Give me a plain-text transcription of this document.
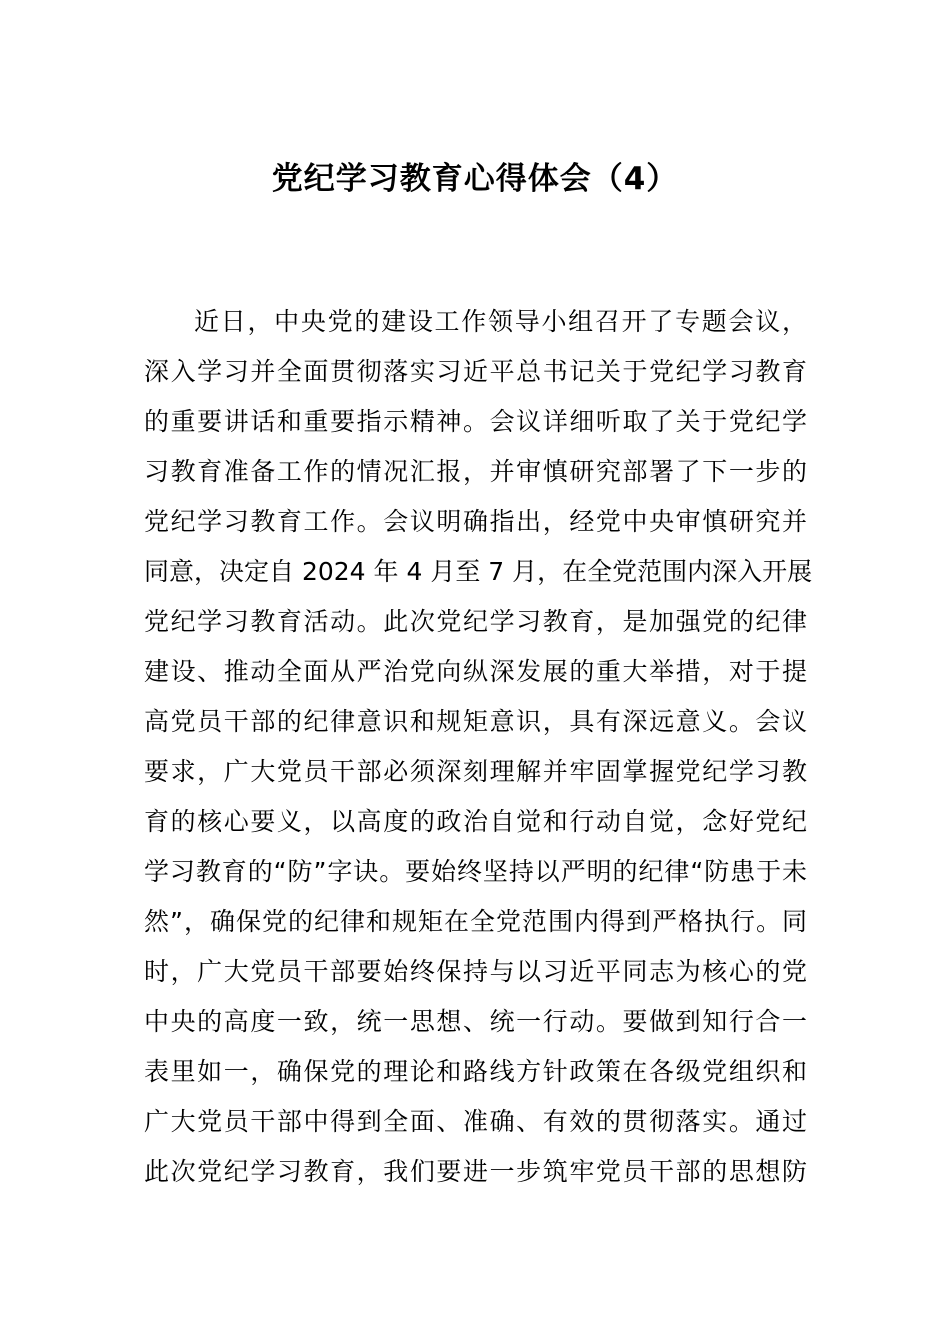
党纪学习教育心得体会（4）
近日，中央党的建设工作领导小组召开了专题会议，
深入学习并全面贯彻落实习近平总书记关于党纪学习教育
的重要讲话和重要指示精神。会议详细听取了关于党纪学
习教育准备工作的情况汇报，并审慎研究部署了下一步的
党纪学习教育工作。会议明确指出，经党中央审慎研究并
同意，决定自 2024 年 4 月至 7 月，在全党范围内深入开展
党纪学习教育活动。此次党纪学习教育，是加强党的纪律
建设、推动全面从严治党向纵深发展的重大举措，对于提
高党员干部的纪律意识和规矩意识，具有深远意义。会议
要求，广大党员干部必须深刻理解并牢固掌握党纪学习教
育的核心要义，以高度的政治自觉和行动自觉，念好党纪
学习教育的“防”字诀。要始终坚持以严明的纪律“防患于未
然”，确保党的纪律和规矩在全党范围内得到严格执行。同
时，广大党员干部要始终保持与以习近平同志为核心的党
中央的高度一致，统一思想、统一行动。要做到知行合一
表里如一，确保党的理论和路线方针政策在各级党组织和
广大党员干部中得到全面、准确、有效的贯彻落实。通过
此次党纪学习教育，我们要进一步筑牢党员干部的思想防
